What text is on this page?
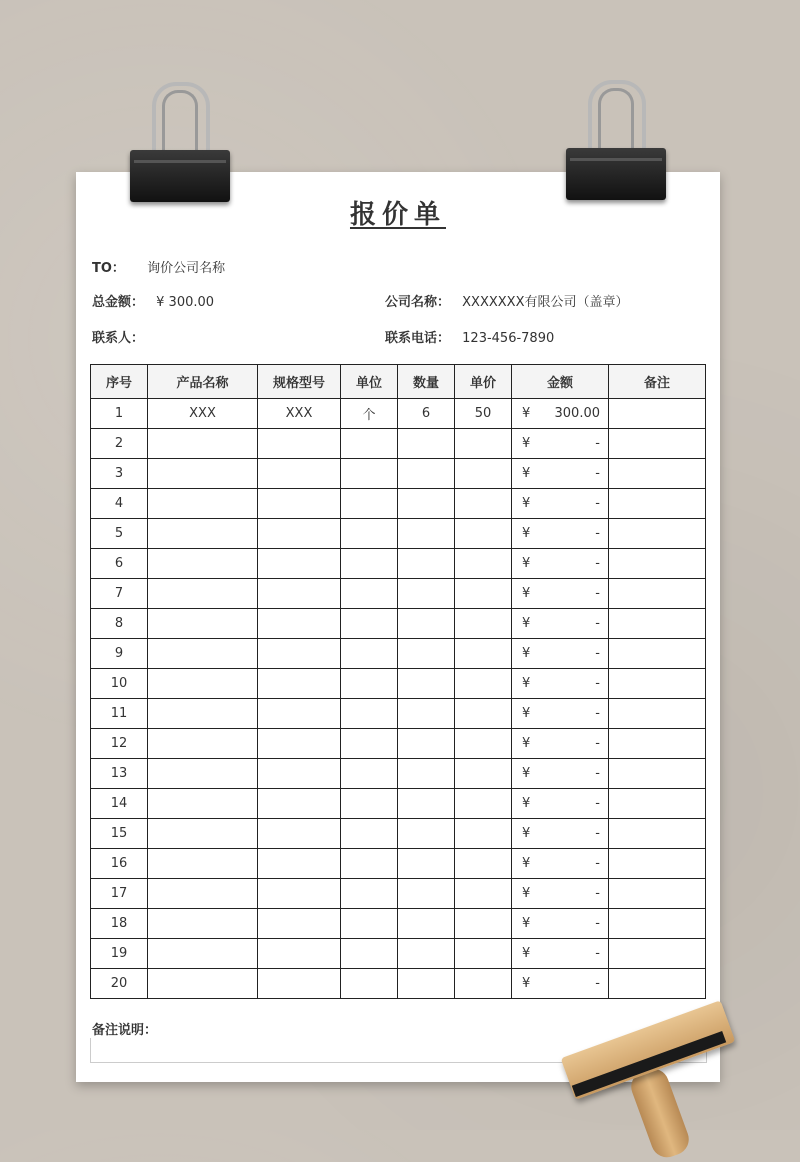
报价单
TO： 询价公司名称
总金额： ¥ 300.00	公司名称： XXXXXXX有限公司（盖章）
联系人：	联系电话： 123-456-7890
序号	产品名称	规格型号	单位	数量	单价	金额	备注
1	XXX	XXX	个	6	50	¥ 300.00	

2						¥ -	

3						¥ -	

4						¥ -	

5						¥ -	

6						¥ -	

7						¥ -	

8						¥ -	

9						¥ -	

10						¥ -	

11						¥ -	

12						¥ -	

13						¥ -	

14						¥ -	

15						¥ -	

16						¥ -	

17						¥ -	

18						¥ -	

19						¥ -	

20						¥ -	

备注说明：
